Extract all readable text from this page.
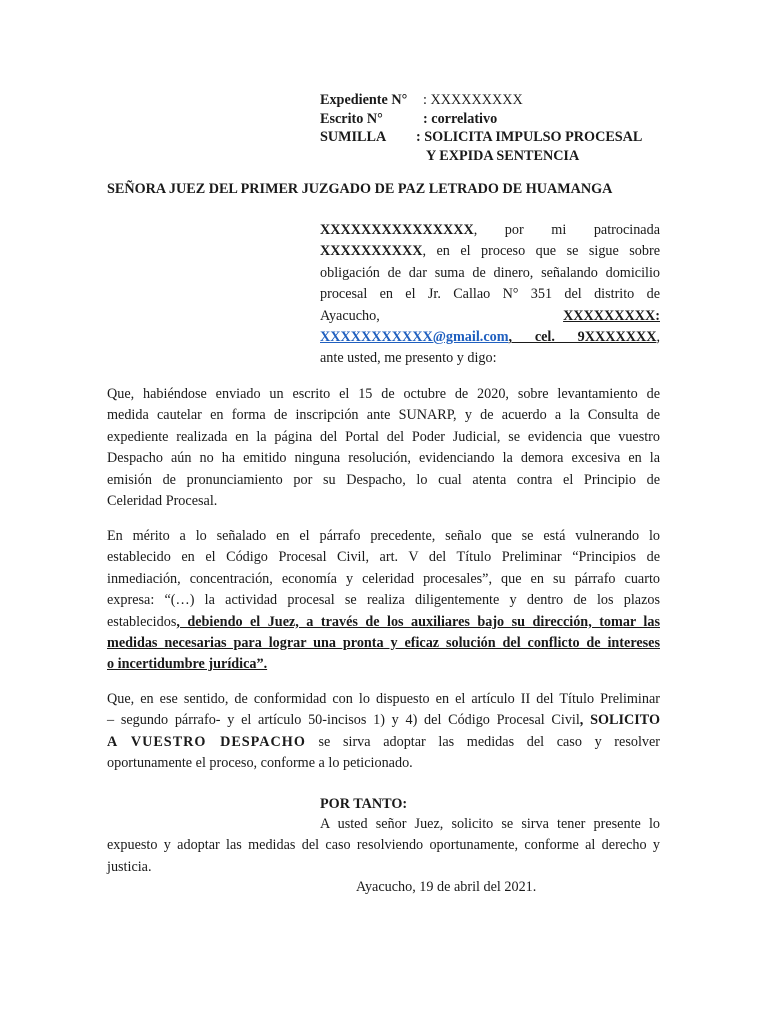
Expediente N° : XXXXXXXXX
Escrito N°	: correlativo
SUMILLA : SOLICITA IMPULSO PROCESAL
Y EXPIDA SENTENCIA
SEÑORA JUEZ DEL PRIMER JUZGADO DE PAZ LETRADO DE HUAMANGA
XXXXXXXXXXXXXXX, por mi patrocinada
XXXXXXXXXX, en el proceso que se sigue sobre
obligación de dar suma de dinero, señalando domicilio
procesal en el Jr. Callao N° 351 del distrito de
Ayacucho,	XXXXXXXXX:
XXXXXXXXXXX@gmail.com, cel. 9XXXXXXX,
ante usted, me presento y digo:
Que, habiéndose enviado un escrito el 15 de octubre de 2020, sobre levantamiento de
medida cautelar en forma de inscripción ante SUNARP, y de acuerdo a la Consulta de
expediente realizada en la página del Portal del Poder Judicial, se evidencia que vuestro
Despacho aún no ha emitido ninguna resolución, evidenciando la demora excesiva en la
emisión de pronunciamiento por su Despacho, lo cual atenta contra el Principio de
Celeridad Procesal.
En mérito a lo señalado en el párrafo precedente, señalo que se está vulnerando lo
establecido en el Código Procesal Civil, art. V del Título Preliminar “Principios de
inmediación, concentración, economía y celeridad procesales”, que en su párrafo cuarto
expresa: “(…) la actividad procesal se realiza diligentemente y dentro de los plazos
establecidos, debiendo el Juez, a través de los auxiliares bajo su dirección, tomar las
medidas necesarias para lograr una pronta y eficaz solución del conflicto de intereses
o incertidumbre jurídica”.
Que, en ese sentido, de conformidad con lo dispuesto en el artículo II del Título Preliminar
– segundo párrafo- y el artículo 50-incisos 1) y 4) del Código Procesal Civil, SOLICITO
A VUESTRO DESPACHO se sirva adoptar las medidas del caso y resolver
oportunamente el proceso, conforme a lo peticionado.
POR TANTO:
A usted señor Juez, solicito se sirva tener presente lo
expuesto y adoptar las medidas del caso resolviendo oportunamente, conforme al derecho y
justicia.
Ayacucho, 19 de abril del 2021.
